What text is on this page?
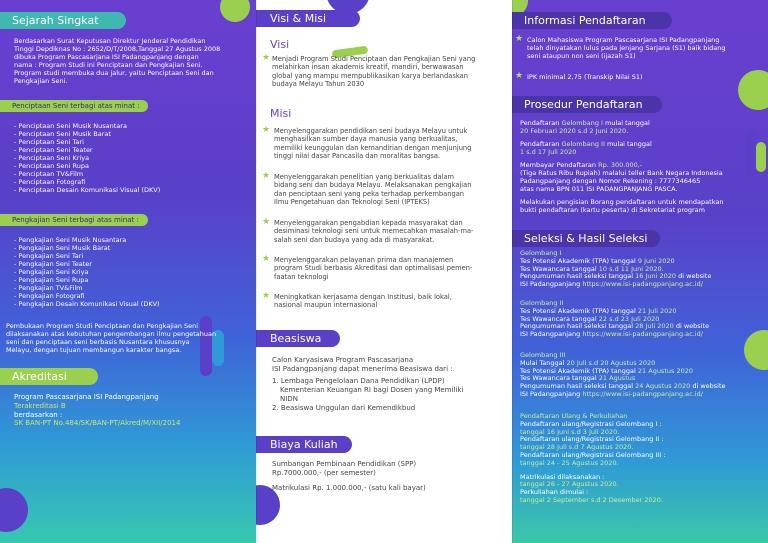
Sejarah Singkat
Berdasarkan Surat Keputusan Direktur Jenderal Pendidikan
Tinggi Depdiknas No : 2652/D/T/2008,Tanggal 27 Agustus 2008
dibuka Program Pascasarjana ISI Padangpanjang dengan
nama : Program Studi ini Penciptaan dan Pengkajian Seni.
Program studi membuka dua jalur, yaitu Penciptaan Seni dan
Pengkajian Seni.
Penciptaan Seni terbagi atas minat :
- Penciptaan Seni Musik Nusantara
- Penciptaan Seni Musik Barat
- Penciptaan Seni Tari
- Penciptaan Seni Teater
- Penciptaan Seni Kriya
- Penciptaan Seni Rupa
- Penciptaan TV&Film
- Penciptaan Fotografi
- Penciptaan Desain Komunikasi Visual (DKV)
Pengkajian Seni terbagi atas minat :
- Pengkajian Seni Musik Nusantara
- Pengkajian Seni Musik Barat
- Pengkajian Seni Tari
- Pengkajian Seni Teater
- Pengkajian Seni Kriya
- Pengkajian Seni Rupa
- Pengkajian TV&Film
- Pengkajian Fotografi
- Pengkajian Desain Komunikasi Visual (DKV)
Pembukaan Program Studi Penciptaan dan Pengkajian Seni
dilaksanakan atas kebutuhan pengembangan ilmu pengetahuan
seni dan penciptaan seni berbasis Nusantara khususnya
Melayu, dengan tujuan membangun karakter bangsa.
Akreditasi
Program Pascasarjana ISI Padangpanjang
Terakreditasi B
berdasarkan :
SK BAN-PT No.484/SK/BAN-PT/Akred/M/XII/2014
Visi & Misi
Visi
★ Menjadi Program Studi Penciptaan dan Pengkajian Seni yang
melahirkan insan akademis kreatif, mandiri, berwawasan
global yang mampu mempublikasikan karya berlandaskan
budaya Melayu Tahun 2030
Misi
★ Menyelenggarakan pendidikan seni budaya Melayu untuk
menghasilkan sumber daya manusia yang berkualitas,
memiliki keunggulan dan kemandirian dengan menjunjung
tinggi nilai dasar Pancasila dan moralitas bangsa.
★ Menyelenggarakan penelitian yang berkualitas dalam
bidang seni dan budaya Melayu. Melaksanakan pengkajian
dan penciptaan seni yang peka terhadap perkembangan
Ilmu Pengetahuan dan Teknologi Seni (IPTEKS)
★ Menyelenggarakan pengabdian kepada masyarakat dan
desiminasi teknologi seni untuk memecahkan masalah-ma-
salah seni dan budaya yang ada di masyarakat.
★ Menyelenggarakan pelayanan prima dan manajemen
program Studi berbasis Akreditasi dan optimalisasi pemen-
faatan teknologi
★ Meningkatkan kerjasama dengan Institusi, baik lokal,
nasional maupun internasional
Beasiswa
Calon Karyasiswa Program Pascasarjana
ISI Padangpanjang dapat menerima Beasiswa dari :
1. Lembaga Pengelolaan Dana Pendidikan (LPDP)
Kementerian Keuangan RI bagi Dosen yang Memiliki
NIDN
2. Beasiswa Unggulan dari Kemendikbud
Biaya Kuliah
Sumbangan Pembinaan Pendidikan (SPP)
Rp.7000.000,- (per semester)
Matrikulasi Rp. 1.000.000,- (satu kali bayar)
Informasi Pendaftaran
★ Calon Mahasiswa Program Pascasarjana ISI Padangpanjang
telah dinyatakan lulus pada jenjang Sarjana (S1) baik bidang
seni ataupun non seni (ijazah S1)
★ IPK minimal 2,75 (Transkip Nilai S1)
Prosedur Pendaftaran
Pendaftaran Gelombang I mulai tanggal
20 Februari 2020 s.d 2 Juni 2020.
Pendaftaran Gelombang II mulai tanggal
1 s.d 17 Juli 2020
Membayar Pendaftaran Rp. 300.000,-
(Tiga Ratus Ribu Rupiah) malalui teller Bank Negara Indonesia
Padangpanjang dengan Nomor Rekening : 7777346465
atas nama BPN 011 ISI PADANGPANJANG PASCA.
Melakukan pengisian Borang pendaftaran untuk mendapatkan
bukti pendaftaran (kartu peserta) di Sekretariat program
Seleksi & Hasil Seleksi
Gelombang I
Tes Potensi Akademik (TPA) tanggal 9 Juni 2020
Tes Wawancara tanggal 10 s.d 11 Juni 2020.
Pengumuman hasil seleksi tanggal 16 Juni 2020 di website
ISI Padangpanjang https://www.isi-padangpanjang.ac.id/
Gelombang II
Tes Potensi Akademik (TPA) tanggal 21 Juli 2020
Tes Wawancara tanggal 22 s.d 23 Juli 2020
Pengumuman hasil seleksi tanggal 28 Juli 2020 di website
ISI Padangpanjang https://www.isi-padangpanjang.ac.id/
Gelombang III
Mulai Tanggal 20 Juli s.d 20 Agustus 2020
Tes Potensi Akademik (TPA) tanggal 21 Agustus 2020
Tes Wawancara tanggal 21 Agustus
Pengumuman hasil seleksi tanggal 24 Agustus 2020 di website
ISI Padangpanjang https://www.isi-padangpanjang.ac.id/
Pendaftaran Ulang & Perkuliahan
Pendaftaran ulang/Registrasi Gelombang I :
tanggal 16 Juni s.d 3 Juli 2020.
Pendaftaran ulang/Registrasi Gelombang II :
tanggal 28 Juli s.d 7 Agustus 2020.
Pendaftaran ulang/Registrasi Gelombang III :
tanggal 24 - 25 Agustus 2020.
Matrikulasi dilaksanakan :
tanggal 26 - 27 Agustus 2020.
Perkuliahan dimulai :
tanggal 2 September s.d 2 Desember 2020.
